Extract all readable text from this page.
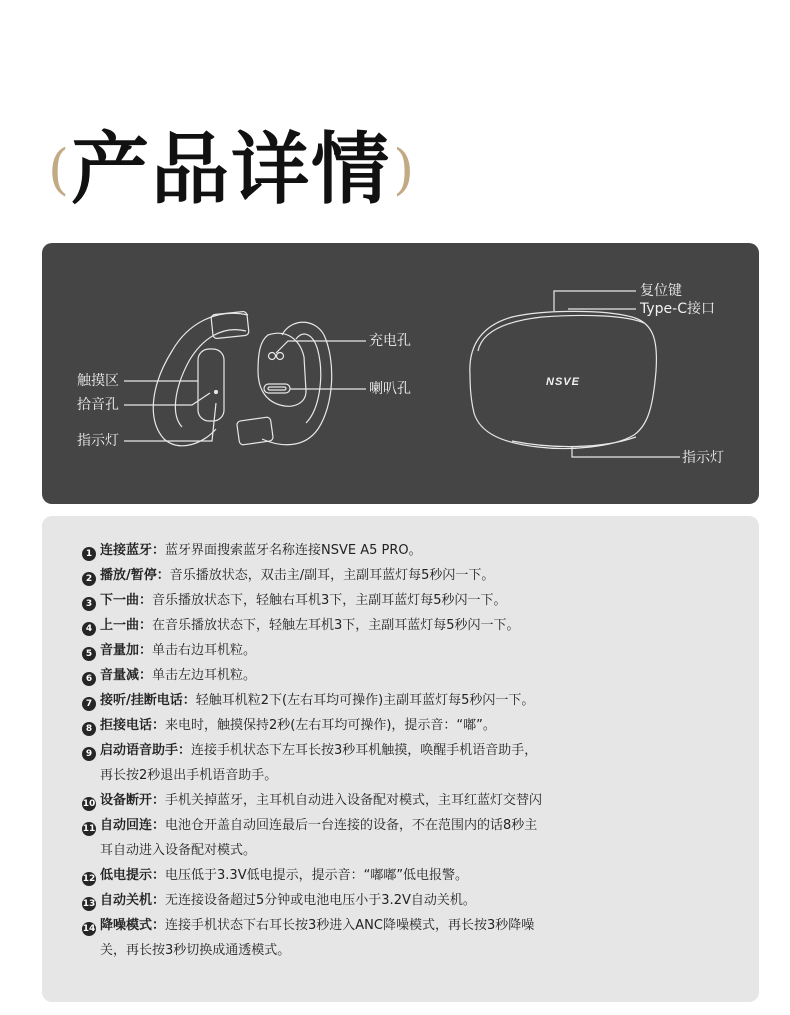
( 产品详情 )
NSVE
触摸区
拾音孔
指示灯
充电孔
喇叭孔
复位键
Type-C接口
指示灯
1 连接蓝牙：蓝牙界面搜索蓝牙名称连接NSVE A5 PRO。
2 播放/暂停：音乐播放状态，双击主/副耳，主副耳蓝灯每5秒闪一下。
3 下一曲：音乐播放状态下，轻触右耳机3下，主副耳蓝灯每5秒闪一下。
4 上一曲：在音乐播放状态下，轻触左耳机3下，主副耳蓝灯每5秒闪一下。
5 音量加：单击右边耳机粒。
6 音量减：单击左边耳机粒。
7 接听/挂断电话：轻触耳机粒2下(左右耳均可操作)主副耳蓝灯每5秒闪一下。
8 拒接电话：来电时，触摸保持2秒(左右耳均可操作)，提示音：“嘟”。
9 启动语音助手：连接手机状态下左耳长按3秒耳机触摸，唤醒手机语音助手，
再长按2秒退出手机语音助手。
10 设备断开：手机关掉蓝牙，主耳机自动进入设备配对模式，主耳红蓝灯交替闪
11 自动回连：电池仓开盖自动回连最后一台连接的设备，不在范围内的话8秒主
耳自动进入设备配对模式。
12 低电提示：电压低于3.3V低电提示，提示音：“嘟嘟”低电报警。
13 自动关机：无连接设备超过5分钟或电池电压小于3.2V自动关机。
14 降噪模式：连接手机状态下右耳长按3秒进入ANC降噪模式，再长按3秒降噪
关，再长按3秒切换成通透模式。
